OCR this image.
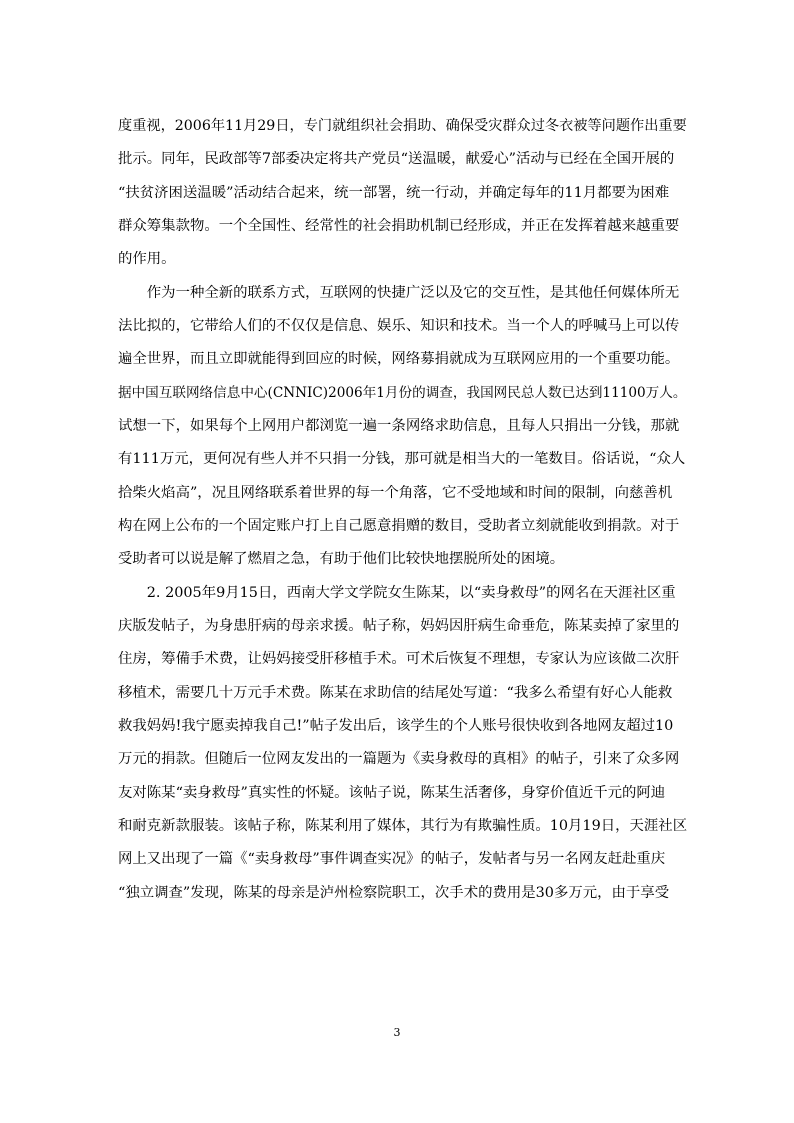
度重视，2006年11月29日，专门就组织社会捐助、确保受灾群众过冬衣被等问题作出重要
批示。同年，民政部等7部委决定将共产党员“送温暖，献爱心”活动与已经在全国开展的
“扶贫济困送温暖”活动结合起来，统一部署，统一行动，并确定每年的11月都要为困难
群众筹集款物。一个全国性、经常性的社会捐助机制已经形成，并正在发挥着越来越重要
的作用。
　　作为一种全新的联系方式，互联网的快捷广泛以及它的交互性，是其他任何媒体所无
法比拟的，它带给人们的不仅仅是信息、娱乐、知识和技术。当一个人的呼喊马上可以传
遍全世界，而且立即就能得到回应的时候，网络募捐就成为互联网应用的一个重要功能。
据中国互联网络信息中心(CNNIC)2006年1月份的调查，我国网民总人数已达到11100万人。
试想一下，如果每个上网用户都浏览一遍一条网络求助信息，且每人只捐出一分钱，那就
有111万元，更何况有些人并不只捐一分钱，那可就是相当大的一笔数目。俗话说，“众人
拾柴火焰高”，况且网络联系着世界的每一个角落，它不受地域和时间的限制，向慈善机
构在网上公布的一个固定账户打上自己愿意捐赠的数目，受助者立刻就能收到捐款。对于
受助者可以说是解了燃眉之急，有助于他们比较快地摆脱所处的困境。
　　2. 2005年9月15日，西南大学文学院女生陈某，以“卖身救母”的网名在天涯社区重
庆版发帖子，为身患肝病的母亲求援。帖子称，妈妈因肝病生命垂危，陈某卖掉了家里的
住房，筹備手术费，让妈妈接受肝移植手术。可术后恢复不理想，专家认为应该做二次肝
移植术，需要几十万元手术费。陈某在求助信的结尾处写道：“我多么希望有好心人能救
救我妈妈!我宁愿卖掉我自己!”帖子发出后，该学生的个人账号很快收到各地网友超过10
万元的捐款。但随后一位网友发出的一篇题为《卖身救母的真相》的帖子，引来了众多网
友对陈某“卖身救母”真实性的怀疑。该帖子说，陈某生活奢侈，身穿价值近千元的阿迪
和耐克新款服装。该帖子称，陈某利用了媒体，其行为有欺骗性质。10月19日，天涯社区
网上又出现了一篇《“卖身救母”事件调查实况》的帖子，发帖者与另一名网友赶赴重庆
“独立调查”发现，陈某的母亲是泸州检察院职工，次手术的费用是30多万元，由于享受
3
